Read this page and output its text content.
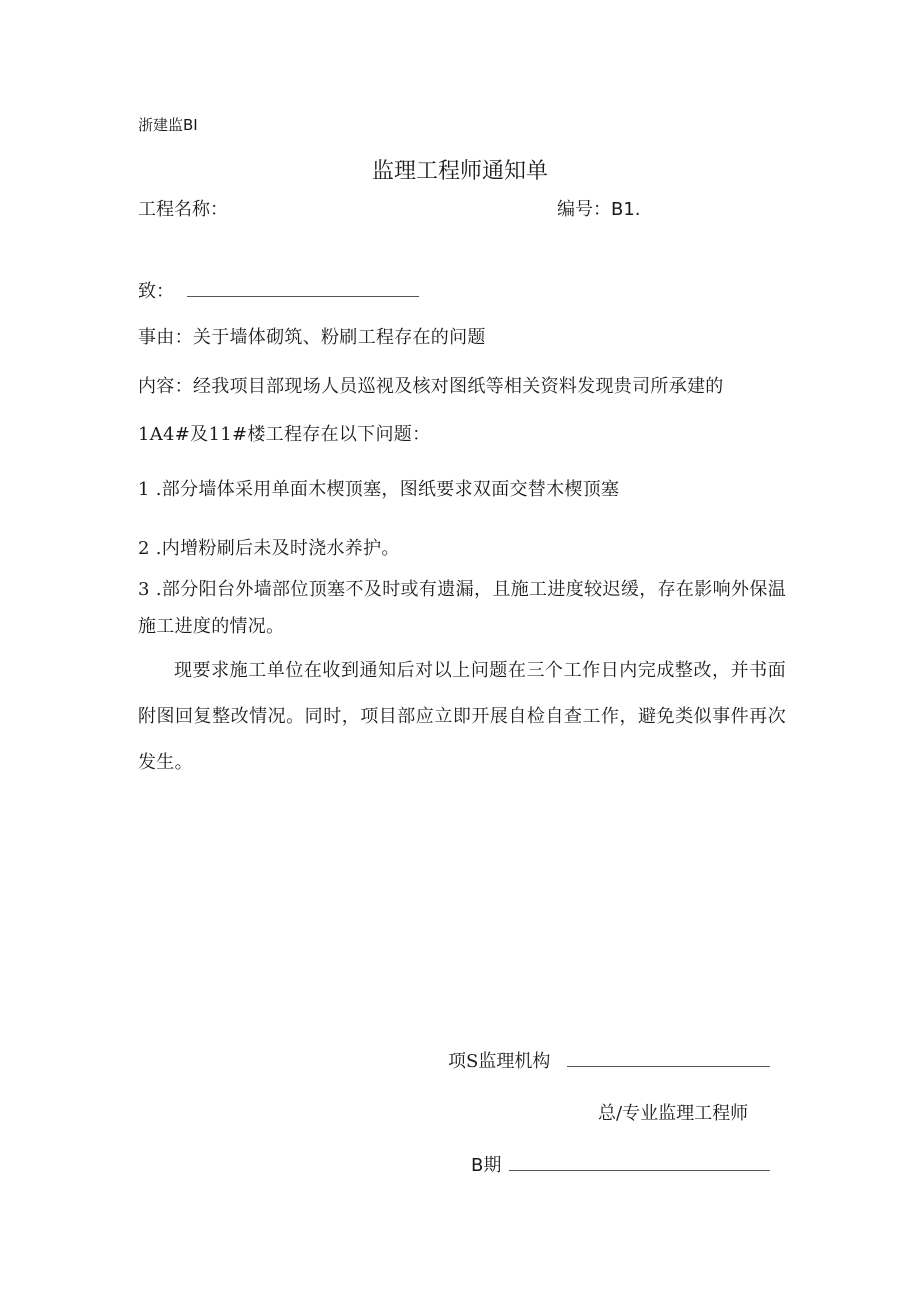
浙建监BI
监理工程师通知单
工程名称：	编号：B1.
致：
事由：关于墙体砌筑、粉刷工程存在的问题
内容：经我项目部现场人员巡视及核对图纸等相关资料发现贵司所承建的
1A4#及11#楼工程存在以下问题：
1 .部分墙体采用单面木楔顶塞，图纸要求双面交替木楔顶塞
2 .内增粉刷后未及时浇水养护。
3 .部分阳台外墙部位顶塞不及时或有遗漏，且施工进度较迟缓，存在影响外保温施工进度的情况。
现要求施工单位在收到通知后对以上问题在三个工作日内完成整改，并书面附图回复整改情况。同时，项目部应立即开展自检自查工作，避免类似事件再次发生。
项S监理机构
总/专业监理工程师
B期
